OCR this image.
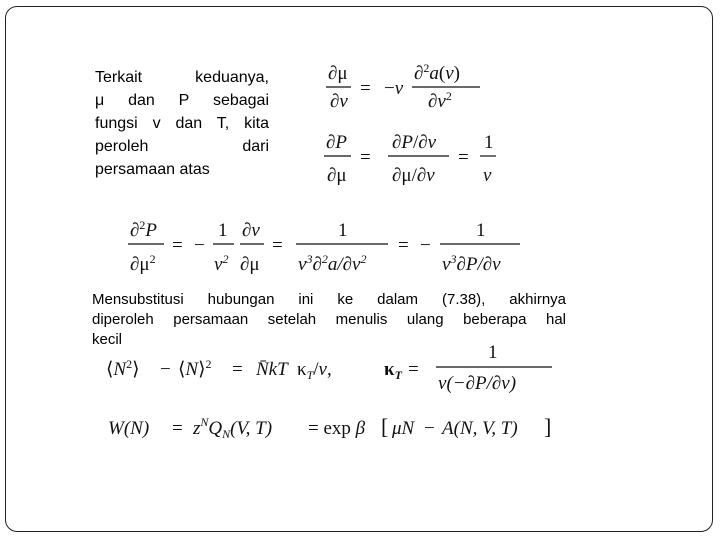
Terkait keduanya,
μ dan P sebagai
fungsi v dan T, kita
peroleh dari
persamaan atas
Mensubstitusi hubungan ini ke dalam (7.38), akhirnya
diperoleh persamaan setelah menulis ulang beberapa hal
kecil
∂μ
∂v
= −v
∂$^2$a(v)
$\partial v^2$
∂P
∂μ
=
∂P/∂v
∂μ/∂v
=
1
v
∂$^2$P
$\partial\mu^2$
= −
1
$v^2$
∂v
∂μ
=
1
$v^3\partial^2a/\partial v^2$
= −
1
$v^3\partial P/\partial v$
$⟨N^2⟩$ − ⟨N⟩$^2$ = N̄kT $\kappa_T/v$,	$\kappa_T$ =
1
v(−∂P/∂v)
$W(N) = z^NQ_N(V$, T) = exp β [ μN − A(N, V, T) ]
